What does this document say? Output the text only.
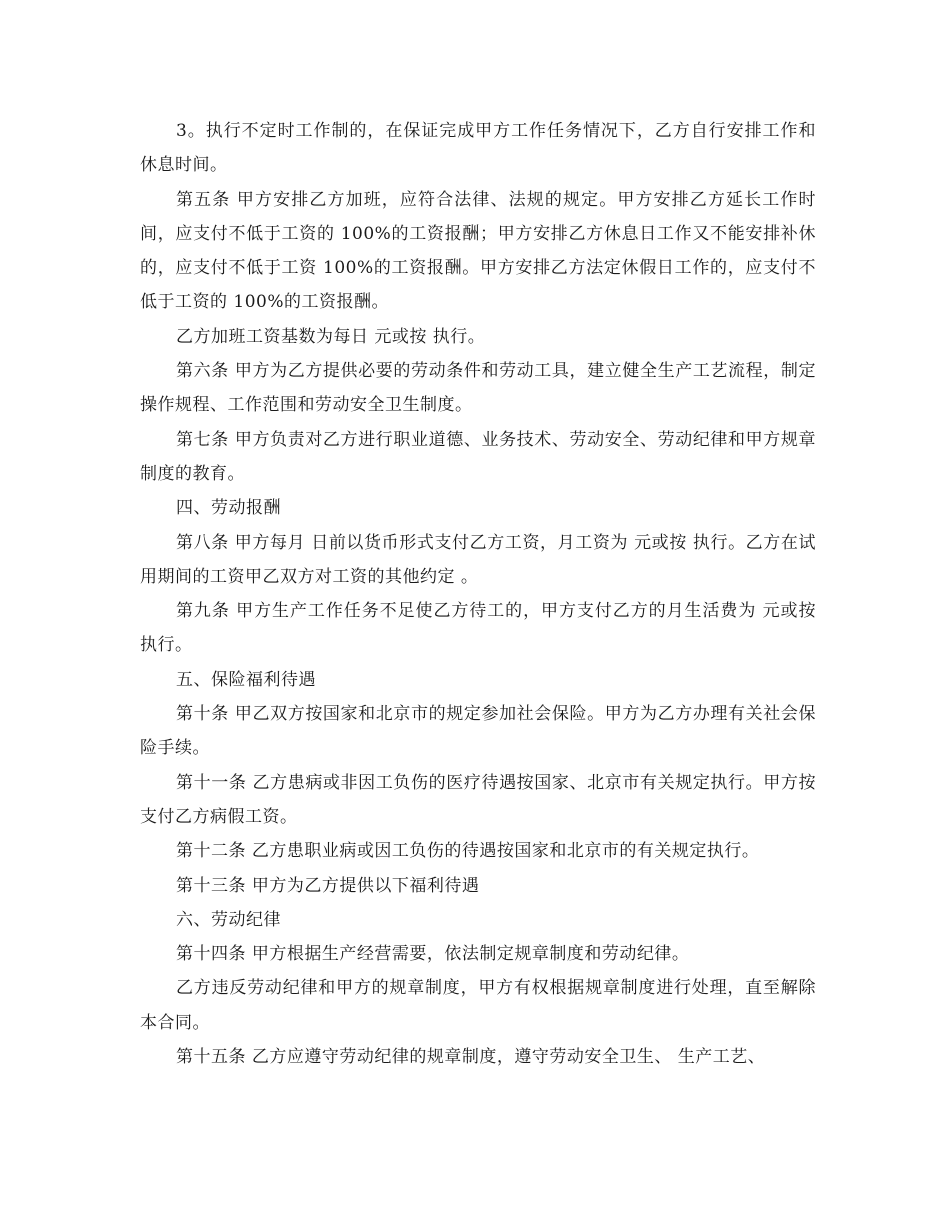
3。执行不定时工作制的，在保证完成甲方工作任务情况下，乙方自行安排工作和休息时间。

第五条 甲方安排乙方加班，应符合法律、法规的规定。甲方安排乙方延长工作时间，应支付不低于工资的 100%的工资报酬；甲方安排乙方休息日工作又不能安排补休的，应支付不低于工资 100%的工资报酬。甲方安排乙方法定休假日工作的，应支付不低于工资的 100%的工资报酬。

乙方加班工资基数为每日 元或按 执行。

第六条 甲方为乙方提供必要的劳动条件和劳动工具，建立健全生产工艺流程，制定操作规程、工作范围和劳动安全卫生制度。

第七条 甲方负责对乙方进行职业道德、业务技术、劳动安全、劳动纪律和甲方规章制度的教育。

四、劳动报酬

第八条 甲方每月 日前以货币形式支付乙方工资，月工资为 元或按 执行。乙方在试用期间的工资甲乙双方对工资的其他约定 。

第九条 甲方生产工作任务不足使乙方待工的，甲方支付乙方的月生活费为 元或按 执行。

五、保险福利待遇

第十条 甲乙双方按国家和北京市的规定参加社会保险。甲方为乙方办理有关社会保险手续。

第十一条 乙方患病或非因工负伤的医疗待遇按国家、北京市有关规定执行。甲方按 支付乙方病假工资。

第十二条 乙方患职业病或因工负伤的待遇按国家和北京市的有关规定执行。

第十三条 甲方为乙方提供以下福利待遇

六、劳动纪律

第十四条 甲方根据生产经营需要，依法制定规章制度和劳动纪律。

乙方违反劳动纪律和甲方的规章制度，甲方有权根据规章制度进行处理，直至解除本合同。

第十五条 乙方应遵守劳动纪律的规章制度，遵守劳动安全卫生、 生产工艺、
